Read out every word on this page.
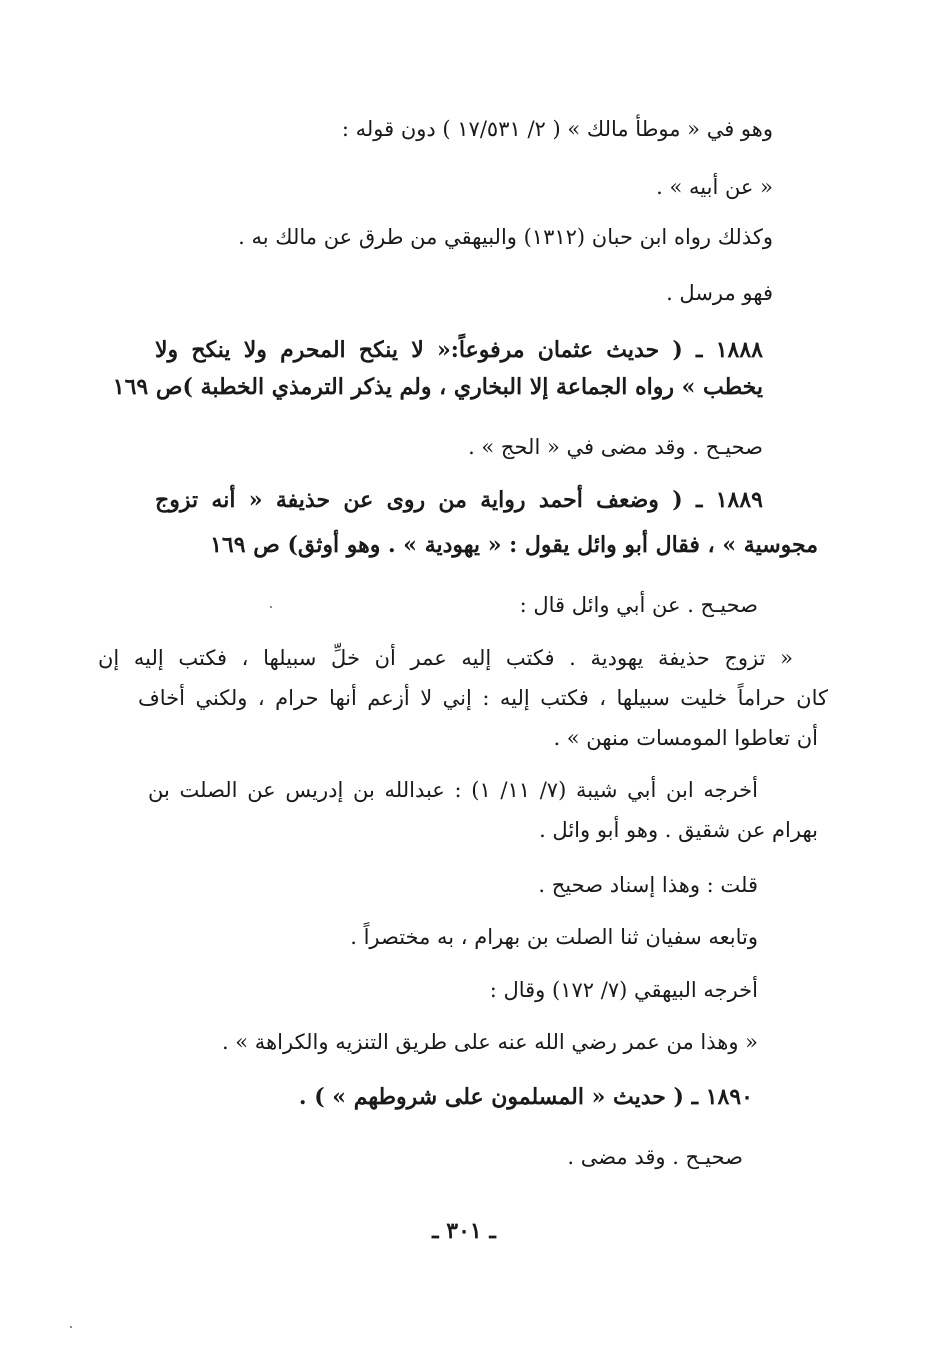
وهو في « موطأ مالك » ( ٢/ ١٧/٥٣١ ) دون قوله :
« عن أبيه » .
وكذلك رواه ابن حبان (١٣١٢) والبيهقي من طرق عن مالك به .
فهو مرسل .
١٨٨٨ ـ ( حديث عثمان مرفوعاً:« لا ينكح المحرم ولا ينكح ولا
يخطب » رواه الجماعة إلا البخاري ، ولم يذكر الترمذي الخطبة )ص ١٦٩
صحيـح . وقد مضى في « الحج » .
١٨٨٩ ـ ( وضعف أحمد رواية من روى عن حذيفة « أنه تزوج
مجوسية » ، فقال أبو وائل يقول : « يهودية » . وهو أوثق) ص ١٦٩
صحيـح . عن أبي وائل قال :
« تزوج حذيفة يهودية . فكتب إليه عمر أن خلِّ سبيلها ، فكتب إليه إن
كان حراماً خليت سبيلها ، فكتب إليه : إني لا أزعم أنها حرام ، ولكني أخاف
أن تعاطوا المومسات منهن » .
أخرجه ابن أبي شيبة (٧/ ١١/ ١) : عبدالله بن إدريس عن الصلت بن
بهرام عن شقيق . وهو أبو وائل .
قلت : وهذا إسناد صحيح .
وتابعه سفيان ثنا الصلت بن بهرام ، به مختصراً .
أخرجه البيهقي (٧/ ١٧٢) وقال :
« وهذا من عمر رضي الله عنه على طريق التنزيه والكراهة » .
١٨٩٠ ـ ( حديث « المسلمون على شروطهم » ) .
صحيـح . وقد مضى .
ـ ٣٠١ ـ
